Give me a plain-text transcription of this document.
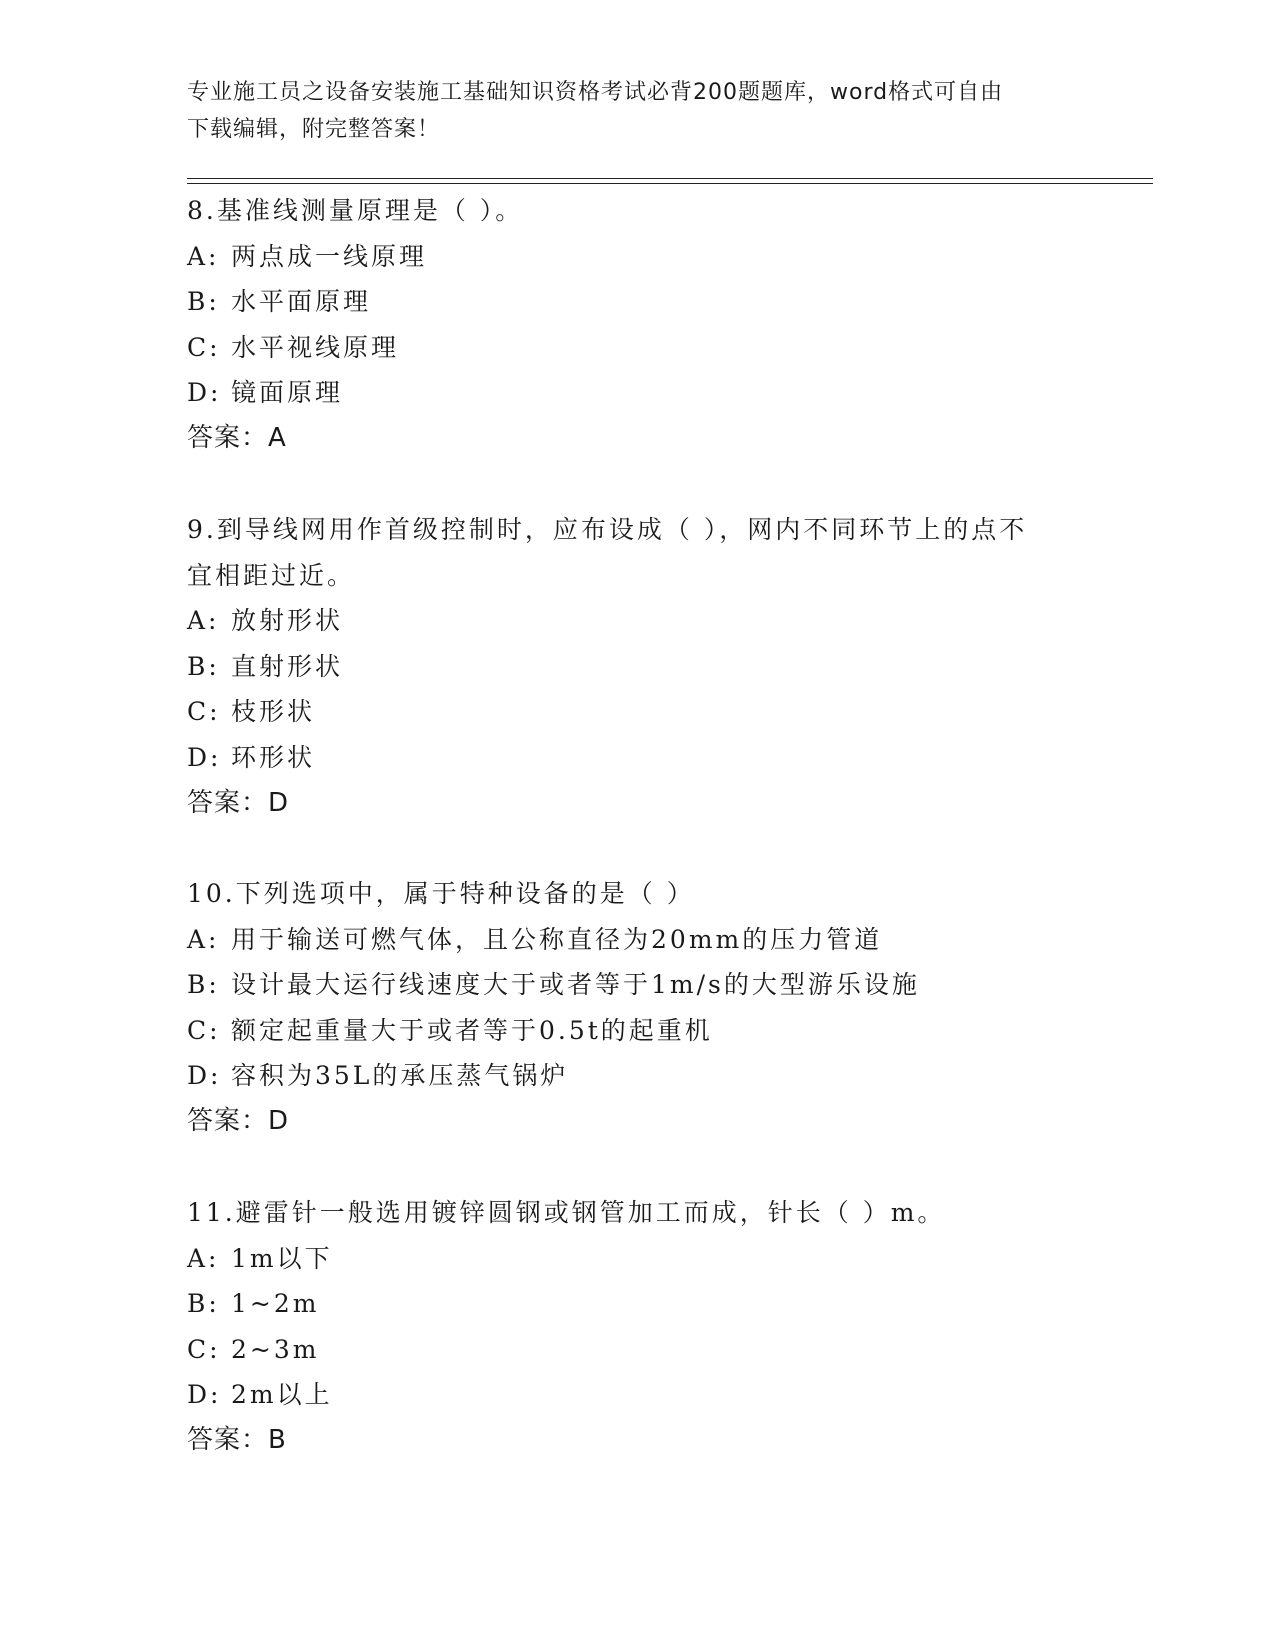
专业施工员之设备安装施工基础知识资格考试必背200题题库，word格式可自由
下载编辑，附完整答案！
8.基准线测量原理是（ ）。
A: 两点成一线原理
B: 水平面原理
C: 水平视线原理
D: 镜面原理
答案：A
9.到导线网用作首级控制时，应布设成（ ），网内不同环节上的点不
宜相距过近。
A: 放射形状
B: 直射形状
C: 枝形状
D: 环形状
答案：D
10.下列选项中，属于特种设备的是（ ）
A: 用于输送可燃气体，且公称直径为20mm的压力管道
B: 设计最大运行线速度大于或者等于1m/s的大型游乐设施
C: 额定起重量大于或者等于0.5t的起重机
D: 容积为35L的承压蒸气锅炉
答案：D
11.避雷针一般选用镀锌圆钢或钢管加工而成，针长（ ）m。
A: 1m以下
B: 1~2m
C: 2~3m
D: 2m以上
答案：B
